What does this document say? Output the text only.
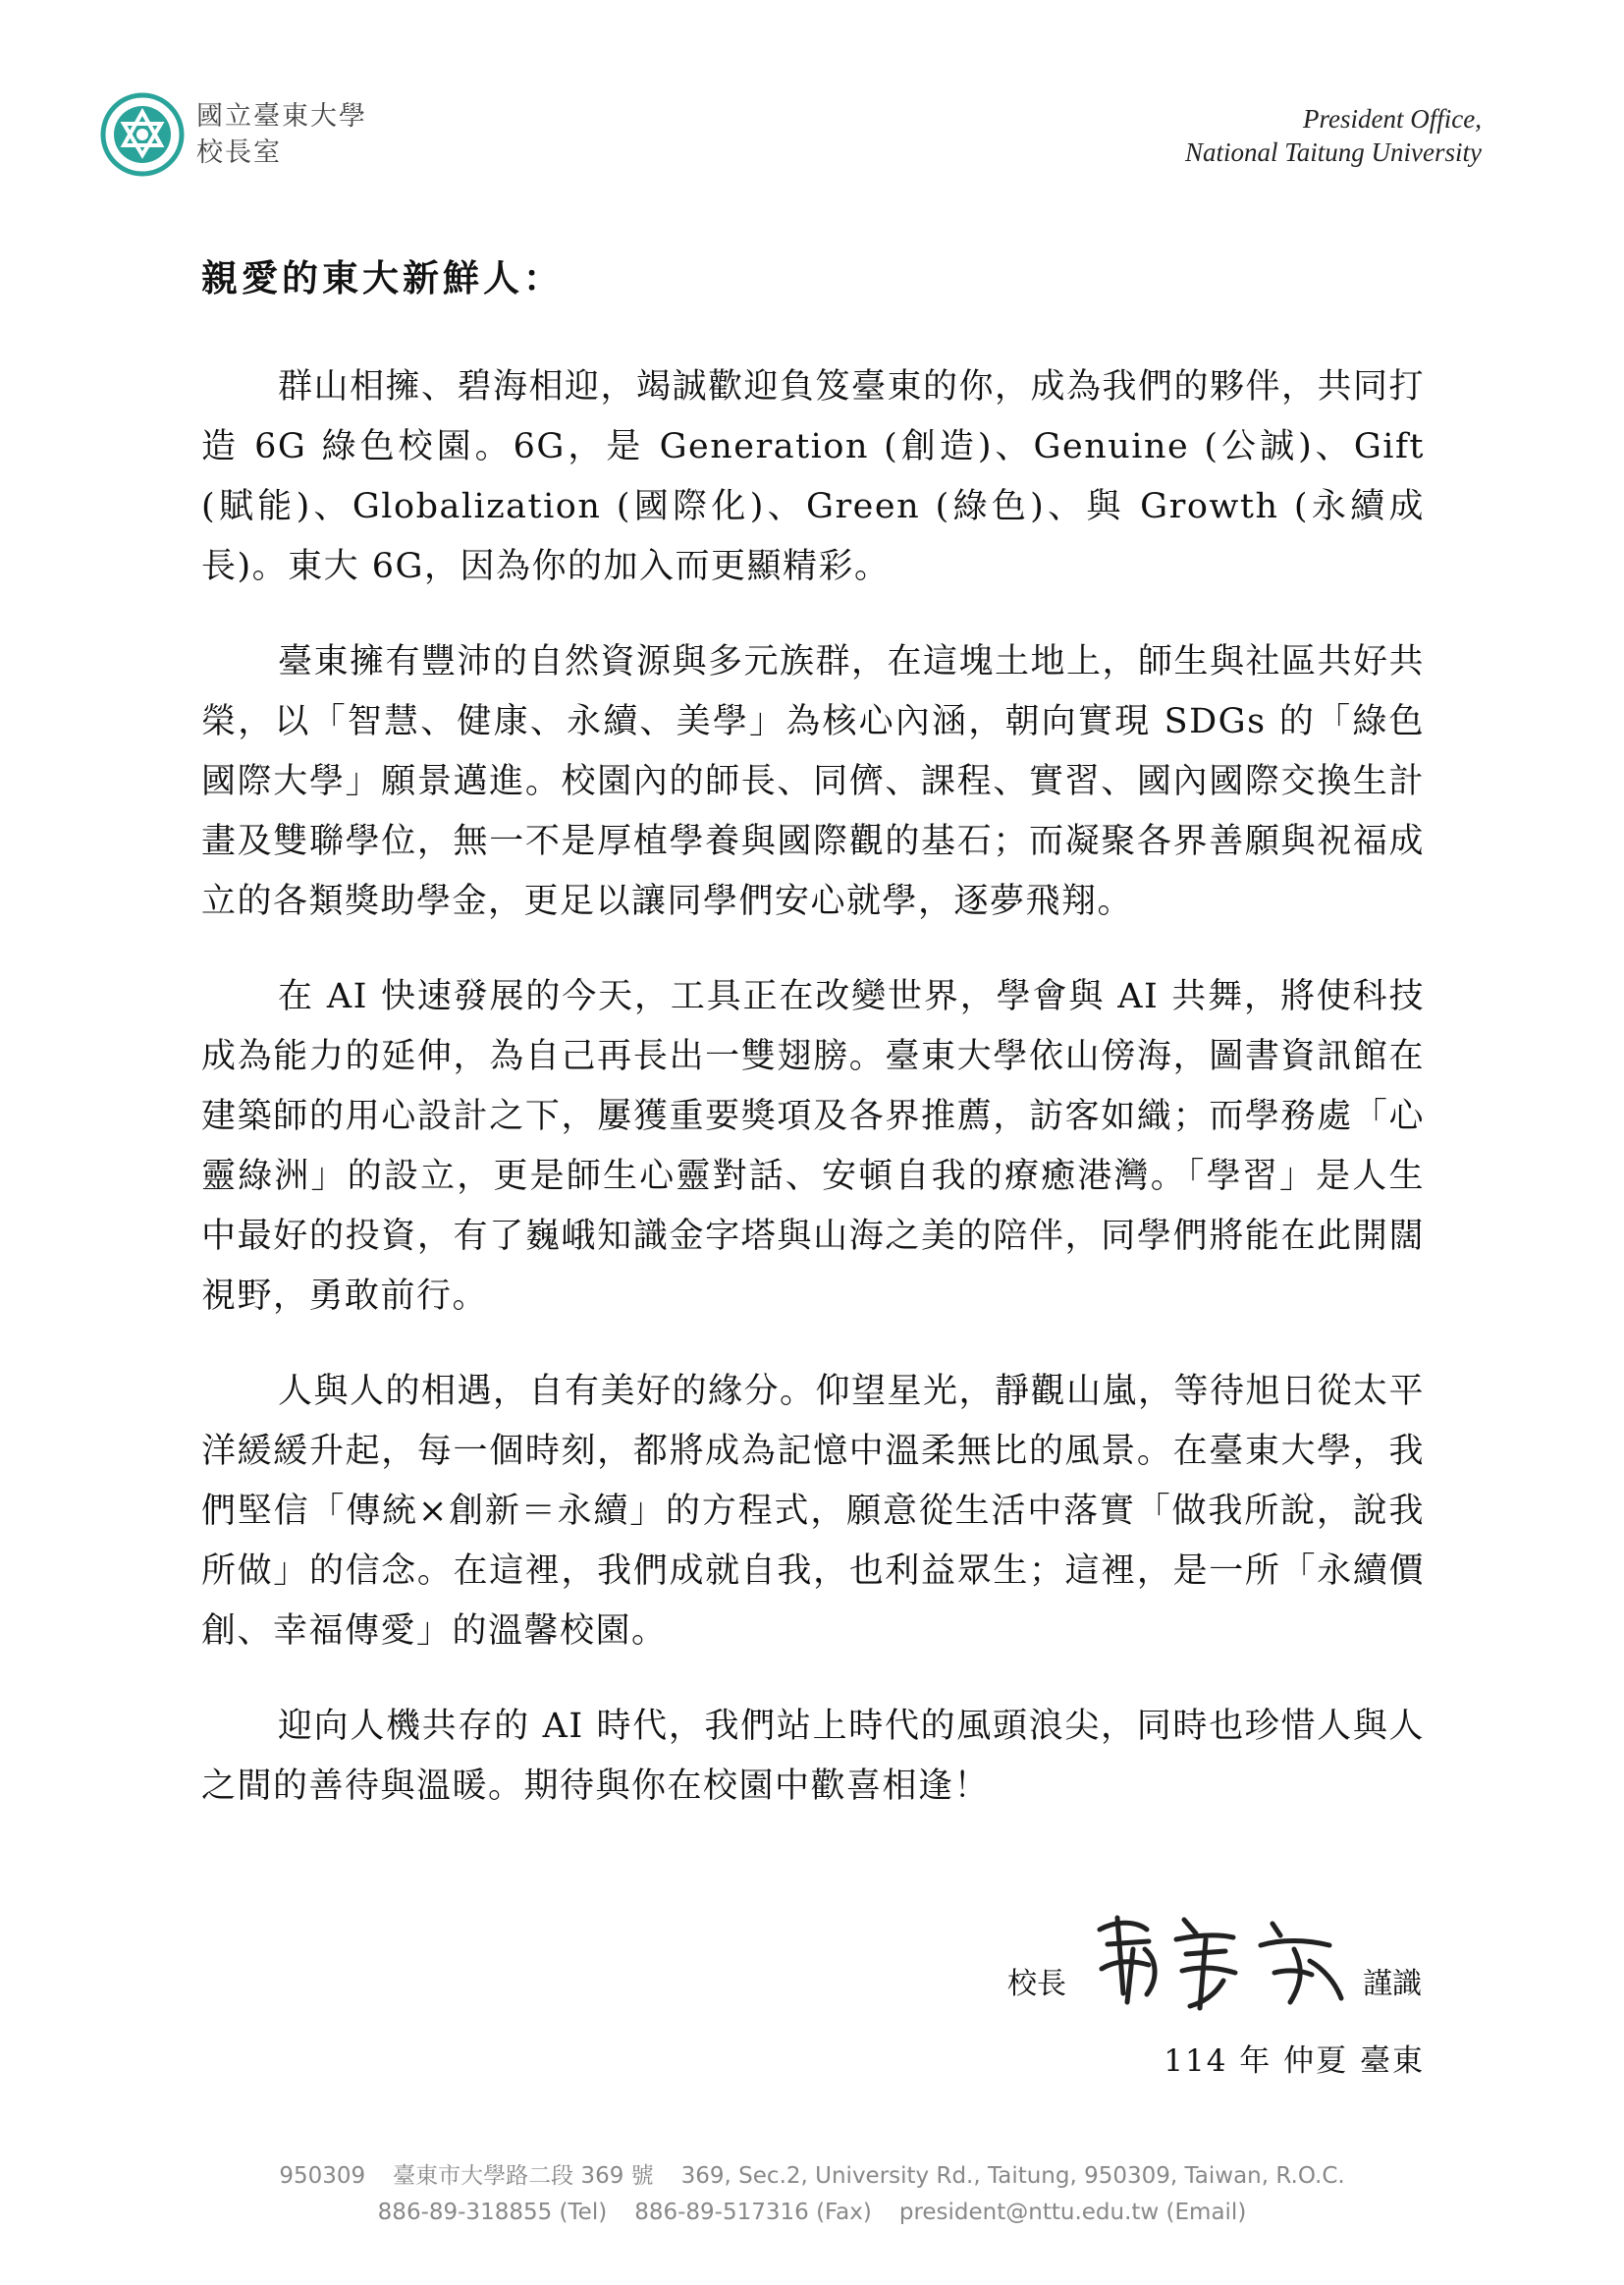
國立臺東大學
校長室
President Office,
National Taitung University
親愛的東大新鮮人：

群山相擁、碧海相迎，竭誠歡迎負笈臺東的你，成為我們的夥伴，共同打造 6G 綠色校園。6G，是 Generation (創造)、Genuine (公誠)、Gift (賦能)、Globalization (國際化)、Green (綠色)、與 Growth (永續成長)。東大 6G，因為你的加入而更顯精彩。

臺東擁有豐沛的自然資源與多元族群，在這塊土地上，師生與社區共好共榮，以「智慧、健康、永續、美學」為核心內涵，朝向實現 SDGs 的「綠色國際大學」願景邁進。校園內的師長、同儕、課程、實習、國內國際交換生計畫及雙聯學位，無一不是厚植學養與國際觀的基石；而凝聚各界善願與祝福成立的各類獎助學金，更足以讓同學們安心就學，逐夢飛翔。

在 AI 快速發展的今天，工具正在改變世界，學會與 AI 共舞，將使科技成為能力的延伸，為自己再長出一雙翅膀。臺東大學依山傍海，圖書資訊館在建築師的用心設計之下，屢獲重要獎項及各界推薦，訪客如織；而學務處「心靈綠洲」的設立，更是師生心靈對話、安頓自我的療癒港灣。「學習」是人生中最好的投資，有了巍峨知識金字塔與山海之美的陪伴，同學們將能在此開闊視野，勇敢前行。

人與人的相遇，自有美好的緣分。仰望星光，靜觀山嵐，等待旭日從太平洋緩緩升起，每一個時刻，都將成為記憶中溫柔無比的風景。在臺東大學，我們堅信「傳統×創新＝永續」的方程式，願意從生活中落實「做我所說，說我所做」的信念。在這裡，我們成就自我，也利益眾生；這裡，是一所「永續價創、幸福傳愛」的溫馨校園。

迎向人機共存的 AI 時代，我們站上時代的風頭浪尖，同時也珍惜人與人之間的善待與溫暖。期待與你在校園中歡喜相逢！

校長	謹識
114 年 仲夏 臺東
950309 臺東市大學路二段 369 號 369, Sec.2, University Rd., Taitung, 950309, Taiwan, R.O.C.
886-89-318855 (Tel) 886-89-517316 (Fax) president@nttu.edu.tw (Email)
